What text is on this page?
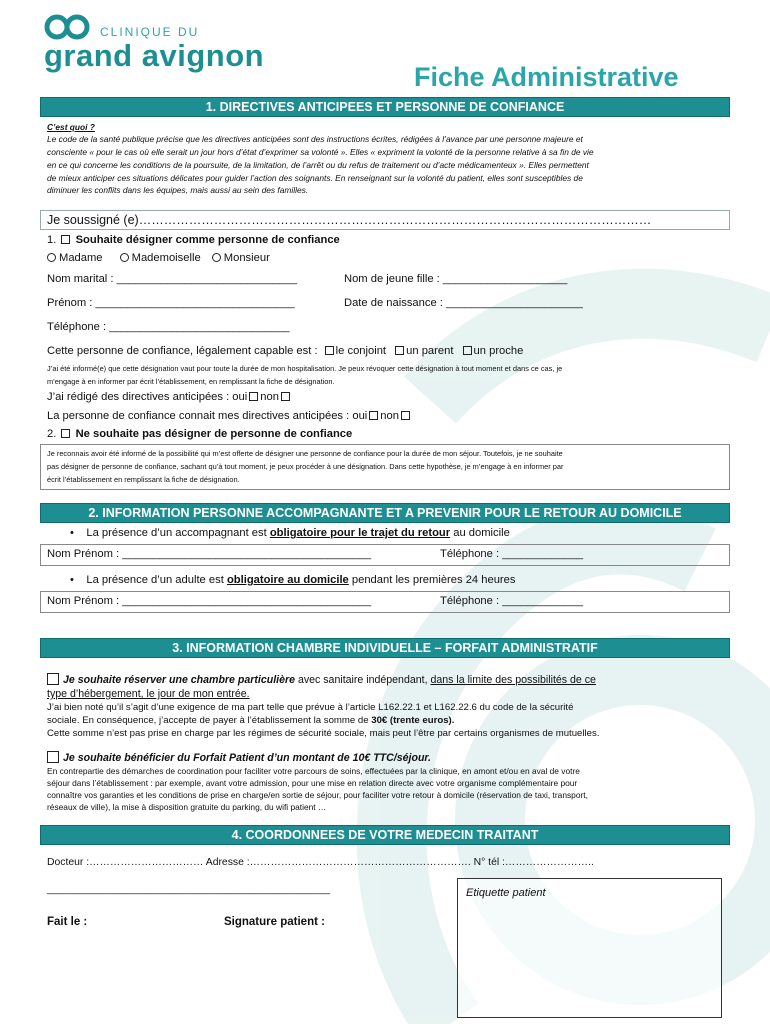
CLINIQUE DU
grand avignon
Fiche Administrative
1. DIRECTIVES ANTICIPEES ET PERSONNE DE CONFIANCE
C’est quoi ?
Le code de la santé publique précise que les directives anticipées sont des instructions écrites, rédigées à l’avance par une personne majeure et
consciente « pour le cas où elle serait un jour hors d’état d’exprimer sa volonté ». Elles « expriment la volonté de la personne relative à sa fin de vie
en ce qui concerne les conditions de la poursuite, de la limitation, de l’arrêt ou du refus de traitement ou d’acte médicamenteux ». Elles permettent
de mieux anticiper ces situations délicates pour guider l’action des soignants. En renseignant sur la volonté du patient, elles sont susceptibles de
diminuer les conflits dans les équipes, mais aussi au sein des familles.
Je soussigné (e)……………………………………………………………………………………………………………
1. Souhaite désigner comme personne de confiance
Madame	Mademoiselle Monsieur
Nom marital : _____________________________	Nom de jeune fille : ____________________
Prénom : ________________________________	Date de naissance : ______________________
Téléphone : _____________________________
Cette personne de confiance, légalement capable est : le conjoint un parent un proche
J’ai été informé(e) que cette désignation vaut pour toute la durée de mon hospitalisation. Je peux révoquer cette désignation à tout moment et dans ce cas, je
m’engage à en informer par écrit l’établissement, en remplissant la fiche de désignation.
J’ai rédigé des directives anticipées : oui non
La personne de confiance connait mes directives anticipées : oui non
2. Ne souhaite pas désigner de personne de confiance
Je reconnais avoir été informé de la possibilité qui m’est offerte de désigner une personne de confiance pour la durée de mon séjour. Toutefois, je ne souhaite
pas désigner de personne de confiance, sachant qu’à tout moment, je peux procéder à une désignation. Dans cette hypothèse, je m’engage à en informer par
écrit l’établissement en remplissant la fiche de désignation.
2. INFORMATION PERSONNE ACCOMPAGNANTE ET A PREVENIR POUR LE RETOUR AU DOMICILE
•    La présence d’un accompagnant est obligatoire pour le trajet du retour au domicile
Nom Prénom : ________________________________________	Téléphone : _____________
•    La présence d’un adulte est obligatoire au domicile pendant les premières 24 heures
Nom Prénom : ________________________________________	Téléphone : _____________
3. INFORMATION CHAMBRE INDIVIDUELLE – FORFAIT ADMINISTRATIF
Je souhaite réserver une chambre particulière avec sanitaire indépendant, dans la limite des possibilités de ce
type d’hébergement, le jour de mon entrée.
J’ai bien noté qu’il s’agit d’une exigence de ma part telle que prévue à l’article L162.22.1 et L162.22.6 du code de la sécurité
sociale. En conséquence, j’accepte de payer à l’établissement la somme de 30€ (trente euros).
Cette somme n’est pas prise en charge par les régimes de sécurité sociale, mais peut l’être par certains organismes de mutuelles.
Je souhaite bénéficier du Forfait Patient d’un montant de 10€ TTC/séjour.
En contrepartie des démarches de coordination pour faciliter votre parcours de soins, effectuées par la clinique, en amont et/ou en aval de votre
séjour dans l’établissement : par exemple, avant votre admission, pour une mise en relation directe avec votre organisme complémentaire pour
connaître vos garanties et les conditions de prise en charge/en sortie de séjour, pour faciliter votre retour à domicile (réservation de taxi, transport,
réseaux de ville), la mise à disposition gratuite du parking, du wifi patient …
4. COORDONNEES DE VOTRE MEDECIN TRAITANT
Docteur :…………………………… Adresse :………………………………………………………. N° tél :……………………..
_________________________________________________
Fait le :	Signature patient :
Etiquette patient
